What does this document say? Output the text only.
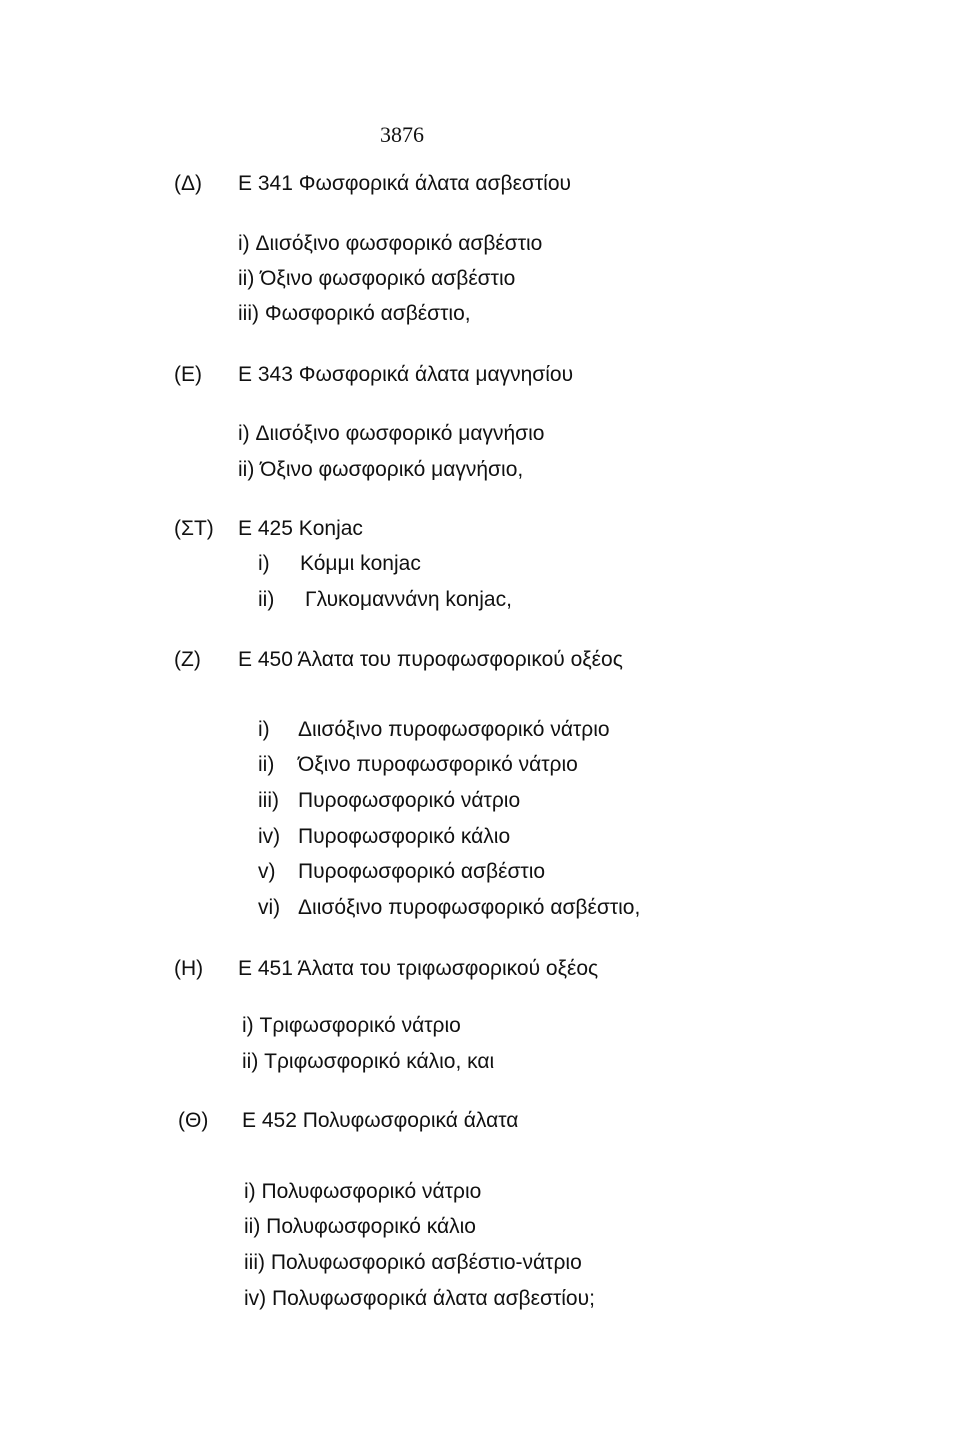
3876
(Δ) Ε 341 Φωσφορικά άλατα ασβεστίου
i) Διισόξινο φωσφορικό ασβέστιο
ii) Όξινο φωσφορικό ασβέστιο
iii) Φωσφορικό ασβέστιο,
(Ε) Ε 343 Φωσφορικά άλατα μαγνησίου
i) Διισόξινο φωσφορικό μαγνήσιο
ii) Όξινο φωσφορικό μαγνήσιο,
(ΣΤ) Ε 425 Konjac
i) Κόμμι konjac
ii) Γλυκομαννάνη konjac,
(Ζ) Ε 450 Άλατα του πυροφωσφορικού οξέος
i) Διισόξινο πυροφωσφορικό νάτριο
ii) Όξινο πυροφωσφορικό νάτριο
iii) Πυροφωσφορικό νάτριο
iv) Πυροφωσφορικό κάλιο
v) Πυροφωσφορικό ασβέστιο
vi) Διισόξινο πυροφωσφορικό ασβέστιο,
(Η) Ε 451 Άλατα του τριφωσφορικού οξέος
i) Τριφωσφορικό νάτριο
ii) Τριφωσφορικό κάλιο, και
(Θ) Ε 452 Πολυφωσφορικά άλατα
i) Πολυφωσφορικό νάτριο
ii) Πολυφωσφορικό κάλιο
iii) Πολυφωσφορικό ασβέστιο-νάτριο
iv) Πολυφωσφορικά άλατα ασβεστίου;
